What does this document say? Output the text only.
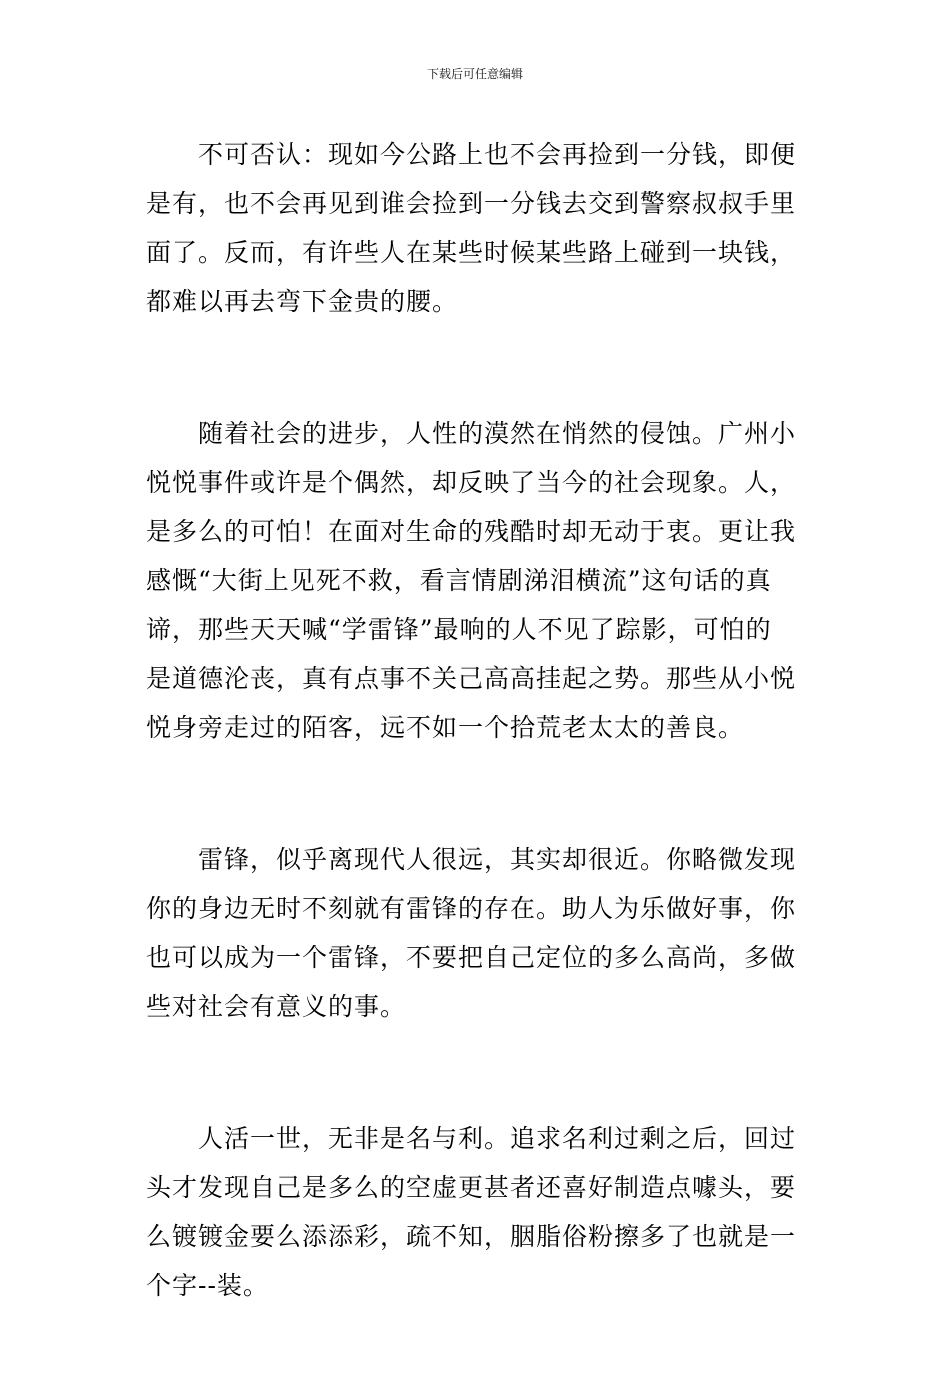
下载后可任意编辑

不可否认：现如今公路上也不会再捡到一分钱，即便
是有，也不会再见到谁会捡到一分钱去交到警察叔叔手里
面了。反而，有许些人在某些时候某些路上碰到一块钱，
都难以再去弯下金贵的腰。

随着社会的进步，人性的漠然在悄然的侵蚀。广州小
悦悦事件或许是个偶然，却反映了当今的社会现象。人，
是多么的可怕！在面对生命的残酷时却无动于衷。更让我
感慨“大街上见死不救，看言情剧涕泪横流”这句话的真
谛，那些天天喊“学雷锋”最响的人不见了踪影，可怕的
是道德沦丧，真有点事不关己高高挂起之势。那些从小悦
悦身旁走过的陌客，远不如一个拾荒老太太的善良。

雷锋，似乎离现代人很远，其实却很近。你略微发现
你的身边无时不刻就有雷锋的存在。助人为乐做好事，你
也可以成为一个雷锋，不要把自己定位的多么高尚，多做
些对社会有意义的事。

人活一世，无非是名与利。追求名利过剩之后，回过
头才发现自己是多么的空虚更甚者还喜好制造点噱头，要
么镀镀金要么添添彩，疏不知，胭脂俗粉擦多了也就是一
个字--装。
